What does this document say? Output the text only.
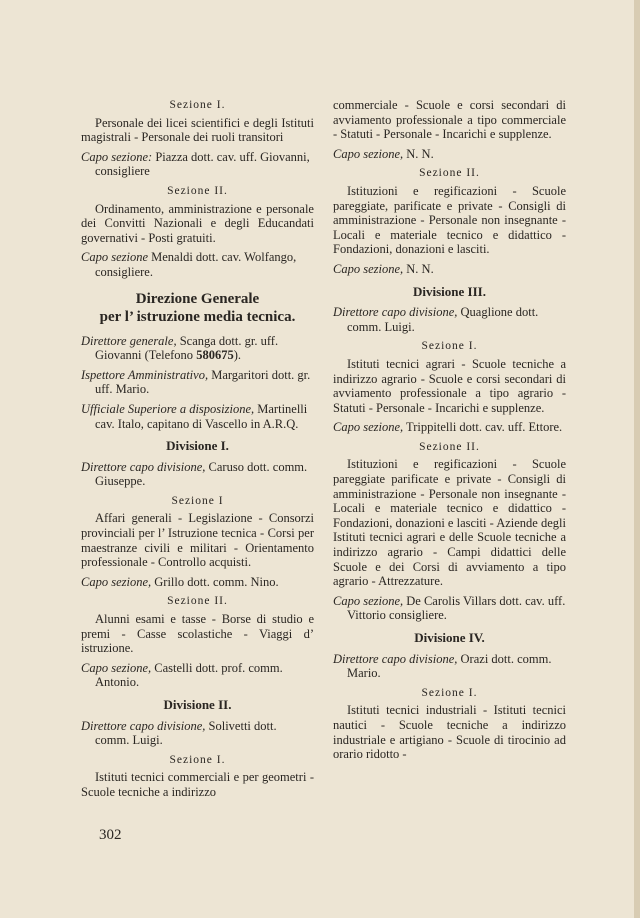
Sezione I.
Personale dei licei scientifici e degli Istituti magistrali - Personale dei ruoli transitori
Capo sezione: Piazza dott. cav. uff. Giovanni, consigliere
Sezione II.
Ordinamento, amministrazione e personale dei Convitti Nazionali e degli Educandati governativi - Posti gratuiti.
Capo sezione Menaldi dott. cav. Wolfango, consigliere.
Direzione Generale
per l’ istruzione media tecnica.
Direttore generale, Scanga dott. gr. uff. Giovanni (Telefono 580675).
Ispettore Amministrativo, Margaritori dott. gr. uff. Mario.
Ufficiale Superiore a disposizione, Martinelli cav. Italo, capitano di Vascello in A.R.Q.
Divisione I.
Direttore capo divisione, Caruso dott. comm. Giuseppe.
Sezione I
Affari generali - Legislazione - Consorzi provinciali per l’ Istruzione tecnica - Corsi per maestranze civili e militari - Orientamento professionale - Controllo acquisti.
Capo sezione, Grillo dott. comm. Nino.
Sezione II.
Alunni esami e tasse - Borse di studio e premi - Casse scolastiche - Viaggi d’ istruzione.
Capo sezione, Castelli dott. prof. comm. Antonio.
Divisione II.
Direttore capo divisione, Solivetti dott. comm. Luigi.
Sezione I.
Istituti tecnici commerciali e per geometri - Scuole tecniche a indirizzo
commerciale - Scuole e corsi secondari di avviamento professionale a tipo commerciale - Statuti - Personale - Incarichi e supplenze.
Capo sezione, N. N.
Sezione II.
Istituzioni e regificazioni - Scuole pareggiate, parificate e private - Consigli di amministrazione - Personale non insegnante - Locali e materiale tecnico e didattico - Fondazioni, donazioni e lasciti.
Capo sezione, N. N.
Divisione III.
Direttore capo divisione, Quaglione dott. comm. Luigi.
Sezione I.
Istituti tecnici agrari - Scuole tecniche a indirizzo agrario - Scuole e corsi secondari di avviamento professionale a tipo agrario - Statuti - Personale - Incarichi e supplenze.
Capo sezione, Trippitelli dott. cav. uff. Ettore.
Sezione II.
Istituzioni e regificazioni - Scuole pareggiate parificate e private - Consigli di amministrazione - Personale non insegnante - Locali e materiale tecnico e didattico - Fondazioni, donazioni e lasciti - Aziende degli Istituti tecnici agrari e delle Scuole tecniche a indirizzo agrario - Campi didattici delle Scuole e dei Corsi di avviamento a tipo agrario - Attrezzature.
Capo sezione, De Carolis Villars dott. cav. uff. Vittorio consigliere.
Divisione IV.
Direttore capo divisione, Orazi dott. comm. Mario.
Sezione I.
Istituti tecnici industriali - Istituti tecnici nautici - Scuole tecniche a indirizzo industriale e artigiano - Scuole di tirocinio ad orario ridotto -
302
